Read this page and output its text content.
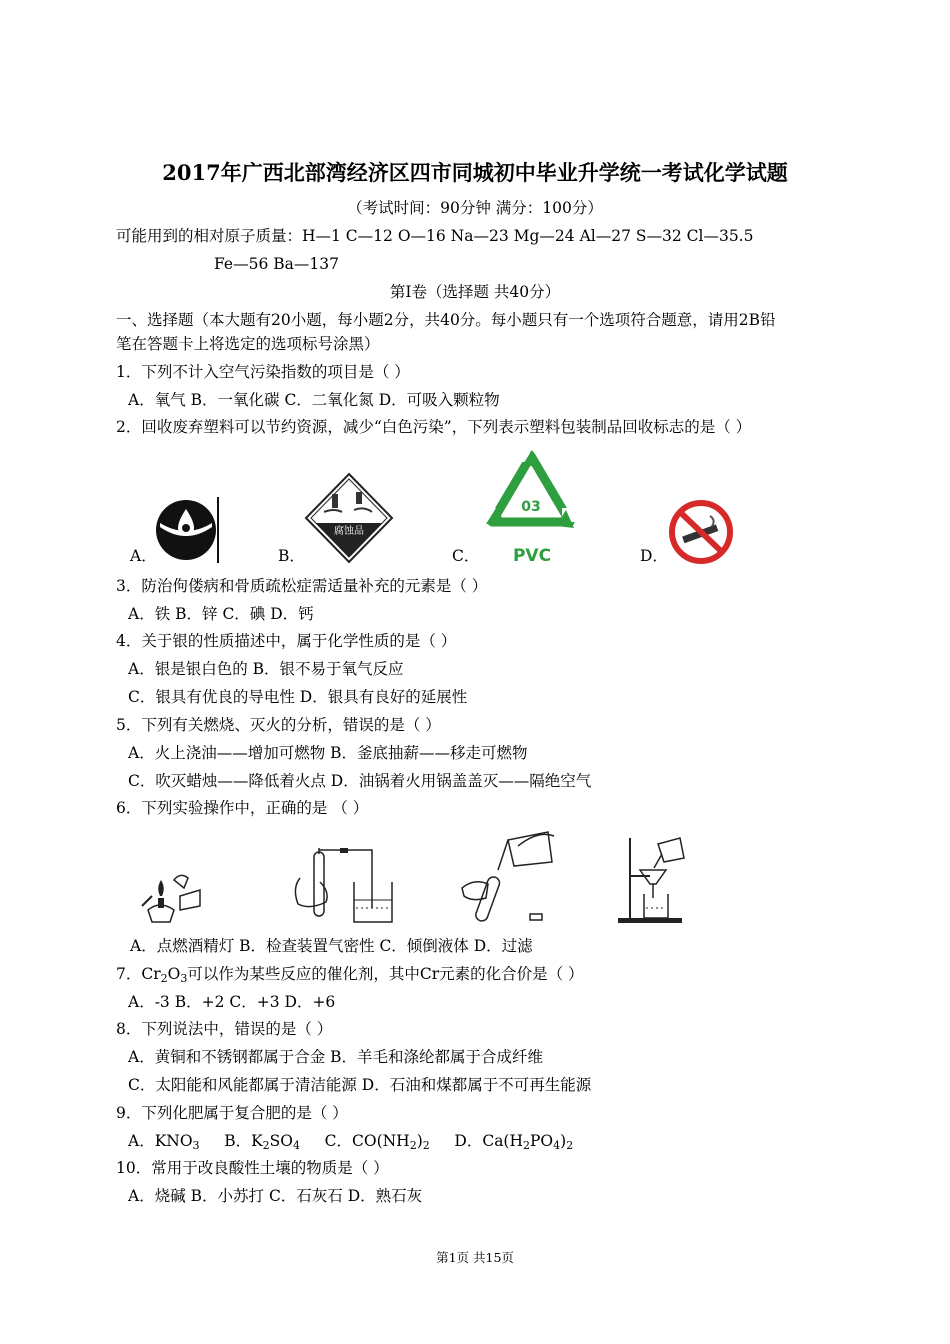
2017年广西北部湾经济区四市同城初中毕业升学统一考试化学试题
（考试时间：90分钟 满分：100分）
可能用到的相对原子质量：H—1 C—12 O—16 Na—23 Mg—24 Al—27 S—32 Cl—35.5
Fe—56 Ba—137
第Ⅰ卷（选择题 共40分）
一、选择题（本大题有20小题，每小题2分，共40分。每小题只有一个选项符合题意，请用2B铅
笔在答题卡上将选定的选项标号涂黑）
1．下列不计入空气污染指数的项目是（ ）
A．氧气 B．一氧化碳 C．二氧化氮 D．可吸入颗粒物
2．回收废弃塑料可以节约资源，减少“白色污染”，下列表示塑料包装制品回收标志的是（ ）
A．	B．	C．	D．
腐蚀品
03
PVC
3．防治佝偻病和骨质疏松症需适量补充的元素是（ ）
A．铁 B．锌 C．碘 D．钙
4．关于银的性质描述中，属于化学性质的是（ ）
A．银是银白色的 B．银不易于氧气反应
C．银具有优良的导电性 D．银具有良好的延展性
5．下列有关燃烧、灭火的分析，错误的是（ ）
A．火上浇油——增加可燃物 B．釜底抽薪——移走可燃物
C．吹灭蜡烛——降低着火点 D．油锅着火用锅盖盖灭——隔绝空气
6．下列实验操作中，正确的是 （ ）
A．点燃酒精灯 B．检查装置气密性 C．倾倒液体 D．过滤
7．$Cr_2O_3$可以作为某些反应的催化剂，其中Cr元素的化合价是（ ）
A．-3 B．+2 C．+3 D．+6
8．下列说法中，错误的是（ ）
A．黄铜和不锈钢都属于合金 B．羊毛和涤纶都属于合成纤维
C．太阳能和风能都属于清洁能源 D．石油和煤都属于不可再生能源
9．下列化肥属于复合肥的是（ ）
A．$KNO_3$ B．$K_2SO_4$ C．$CO(NH_2)_2$ D．$Ca(H_2PO_4)_2$
10．常用于改良酸性土壤的物质是（ ）
A．烧碱 B．小苏打 C．石灰石 D．熟石灰
第1页 共15页
